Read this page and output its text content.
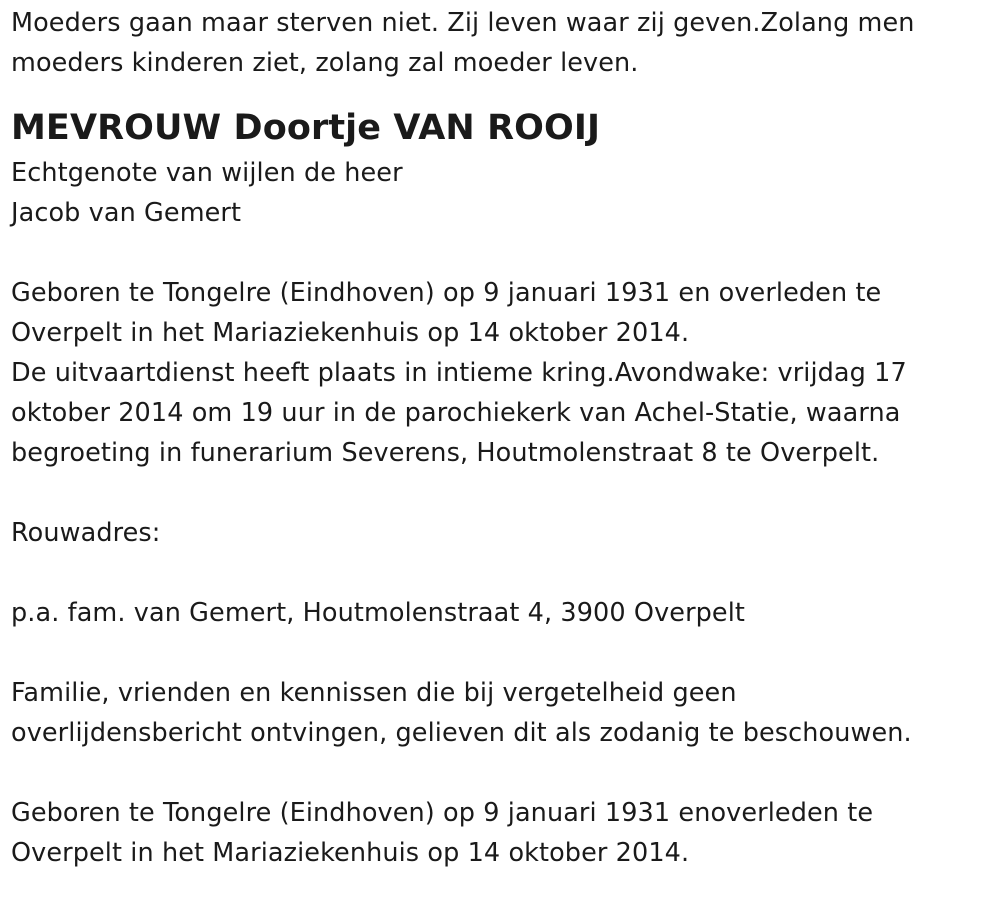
Moeders gaan maar sterven niet. Zij leven waar zij geven.Zolang men
moeders kinderen ziet, zolang zal moeder leven.
MEVROUW Doortje VAN ROOIJ
Echtgenote van wijlen de heer
Jacob van Gemert
Geboren te Tongelre (Eindhoven) op 9 januari 1931 en overleden te
Overpelt in het Mariaziekenhuis op 14 oktober 2014.
De uitvaartdienst heeft plaats in intieme kring.Avondwake: vrijdag 17
oktober 2014 om 19 uur in de parochiekerk van Achel-Statie, waarna
begroeting in funerarium Severens, Houtmolenstraat 8 te Overpelt.
Rouwadres:
p.a. fam. van Gemert, Houtmolenstraat 4, 3900 Overpelt
Familie, vrienden en kennissen die bij vergetelheid geen
overlijdensbericht ontvingen, gelieven dit als zodanig te beschouwen.
Geboren te Tongelre (Eindhoven) op 9 januari 1931 enoverleden te
Overpelt in het Mariaziekenhuis op 14 oktober 2014.
